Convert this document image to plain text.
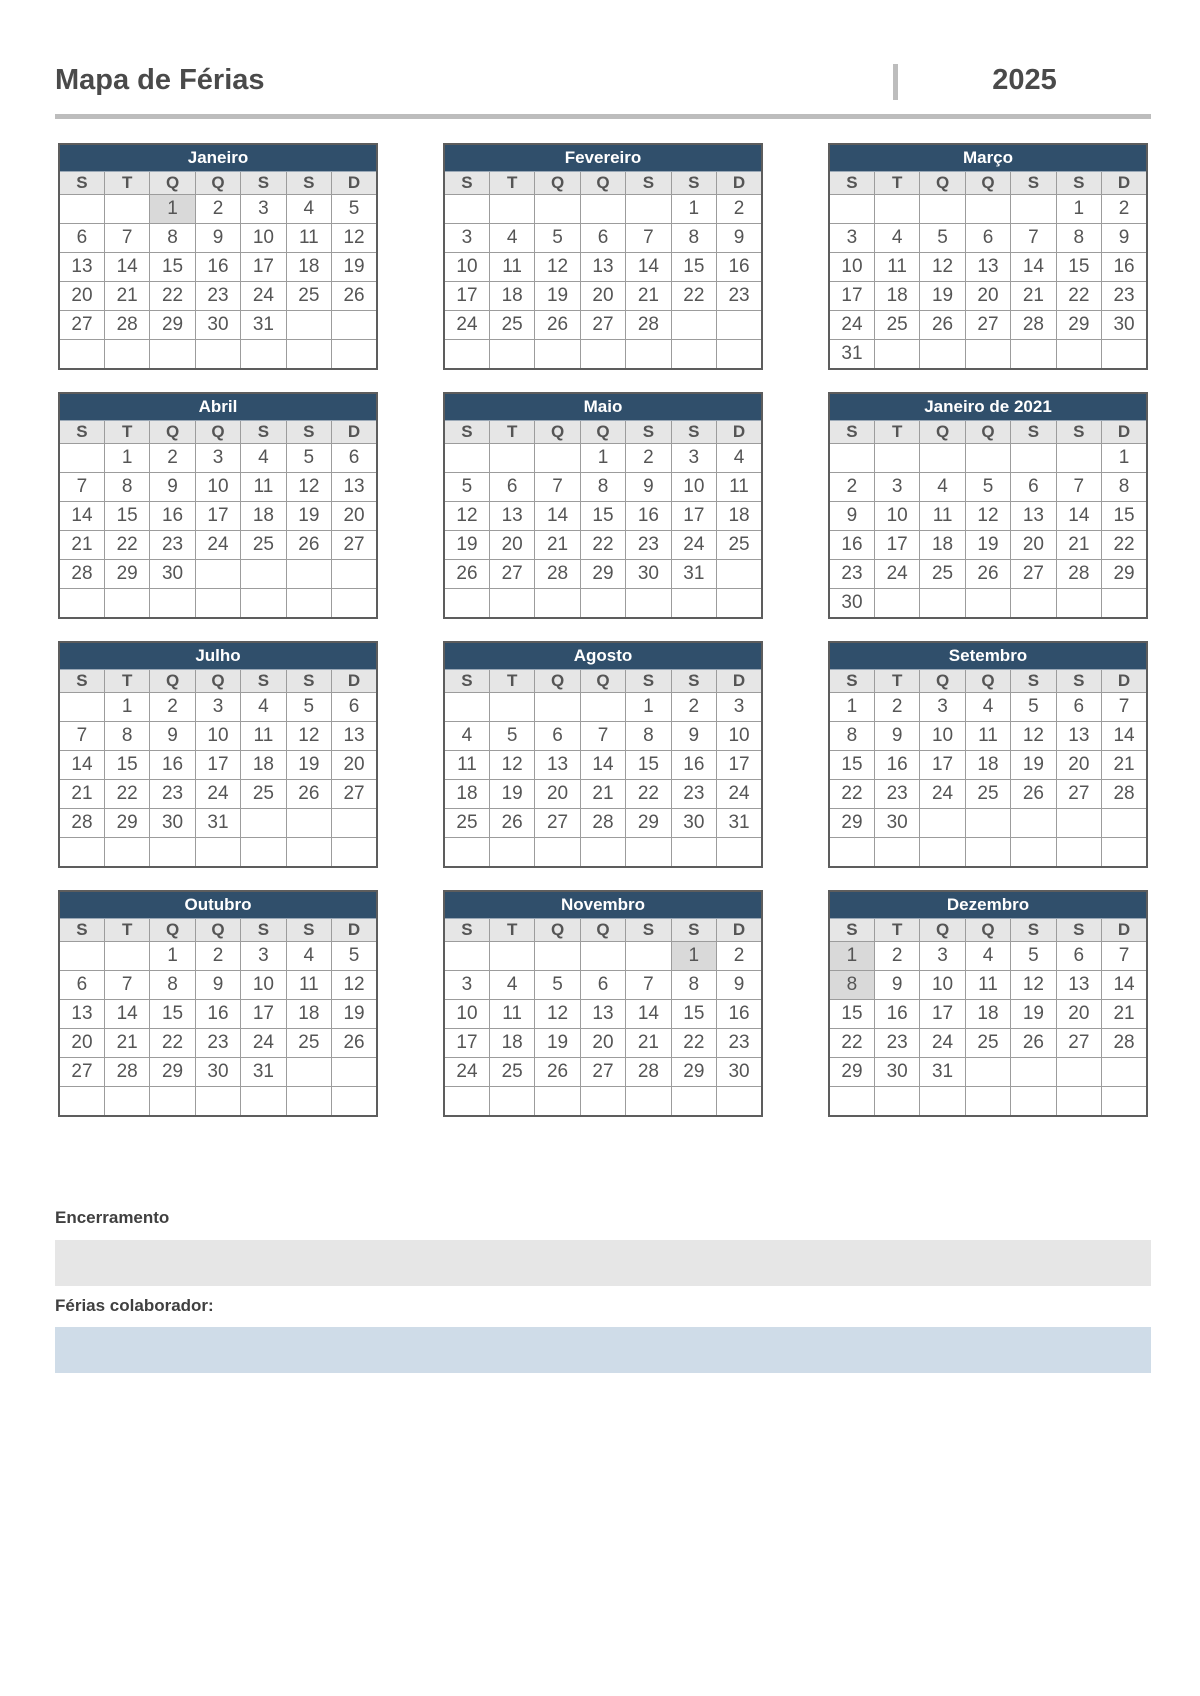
Mapa de Férias	2025
Janeiro						
S	T	Q	Q	S	S	D
		1	2	3	4	5
6	7	8	9	10	11	12
13	14	15	16	17	18	19
20	21	22	23	24	25	26
27	28	29	30	31		

Fevereiro						
S	T	Q	Q	S	S	D
					1	2
3	4	5	6	7	8	9
10	11	12	13	14	15	16
17	18	19	20	21	22	23
24	25	26	27	28		

Março						
S	T	Q	Q	S	S	D
					1	2
3	4	5	6	7	8	9
10	11	12	13	14	15	16
17	18	19	20	21	22	23
24	25	26	27	28	29	30
31						
Abril						
S	T	Q	Q	S	S	D
	1	2	3	4	5	6
7	8	9	10	11	12	13
14	15	16	17	18	19	20
21	22	23	24	25	26	27
28	29	30				

Maio						
S	T	Q	Q	S	S	D
			1	2	3	4
5	6	7	8	9	10	11
12	13	14	15	16	17	18
19	20	21	22	23	24	25
26	27	28	29	30	31	

Janeiro de 2021						
S	T	Q	Q	S	S	D
						1
2	3	4	5	6	7	8
9	10	11	12	13	14	15
16	17	18	19	20	21	22
23	24	25	26	27	28	29
30						
Julho						
S	T	Q	Q	S	S	D
	1	2	3	4	5	6
7	8	9	10	11	12	13
14	15	16	17	18	19	20
21	22	23	24	25	26	27
28	29	30	31			

Agosto						
S	T	Q	Q	S	S	D
				1	2	3
4	5	6	7	8	9	10
11	12	13	14	15	16	17
18	19	20	21	22	23	24
25	26	27	28	29	30	31

Setembro						
S	T	Q	Q	S	S	D
1	2	3	4	5	6	7
8	9	10	11	12	13	14
15	16	17	18	19	20	21
22	23	24	25	26	27	28
29	30					

Outubro						
S	T	Q	Q	S	S	D
		1	2	3	4	5
6	7	8	9	10	11	12
13	14	15	16	17	18	19
20	21	22	23	24	25	26
27	28	29	30	31		

Novembro						
S	T	Q	Q	S	S	D
					1	2
3	4	5	6	7	8	9
10	11	12	13	14	15	16
17	18	19	20	21	22	23
24	25	26	27	28	29	30

Dezembro						
S	T	Q	Q	S	S	D
1	2	3	4	5	6	7
8	9	10	11	12	13	14
15	16	17	18	19	20	21
22	23	24	25	26	27	28
29	30	31				

Encerramento
Férias colaborador:
